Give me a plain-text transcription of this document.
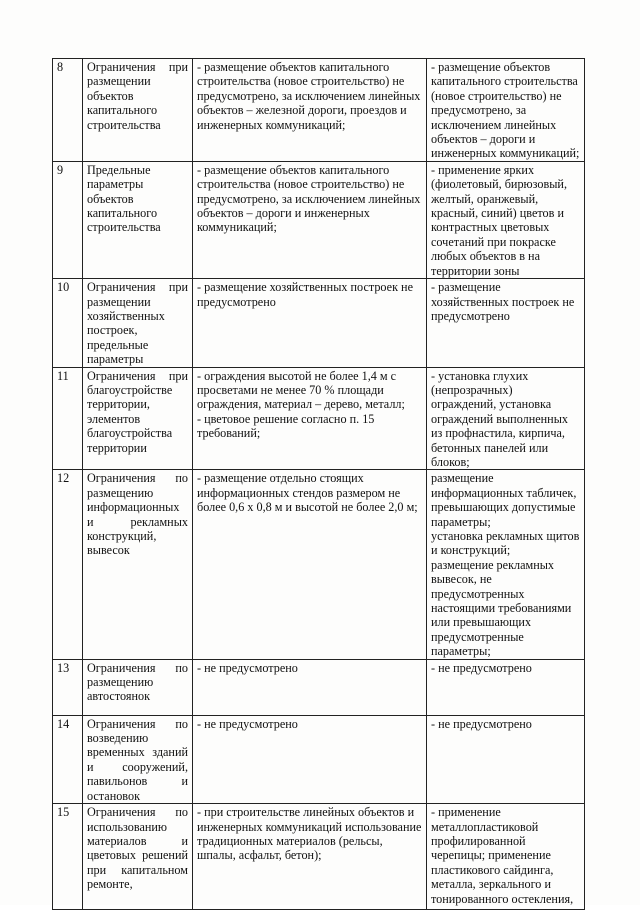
8	Ограничения при размещении объектов капитального строительства	- размещение объектов капитального строительства (новое строительство) не предусмотрено, за исключением линейных объектов – железной дороги, проездов и инженерных коммуникаций;	- размещение объектов капитального строительства (новое строительство) не предусмотрено, за исключением линейных объектов – дороги и инженерных коммуникаций;
9	Предельные параметры объектов капитального строительства	- размещение объектов капитального строительства (новое строительство) не предусмотрено, за исключением линейных объектов – дороги и инженерных коммуникаций;	- применение ярких (фиолетовый, бирюзовый, желтый, оранжевый, красный, синий) цветов и контрастных цветовых сочетаний при покраске любых объектов в на территории зоны
10	Ограничения при размещении хозяйственных построек, предельные параметры	- размещение хозяйственных построек не предусмотрено	- размещение хозяйственных построек не предусмотрено
11	Ограничения при благоустройстве территории, элементов благоустройства территории	- ограждения высотой не более 1,4 м с просветами не менее 70 % площади ограждения, материал – дерево, металл;
- цветовое решение согласно п. 15 требований;	- установка глухих (непрозрачных) ограждений, установка ограждений выполненных из профнастила, кирпича, бетонных панелей или блоков;
12	Ограничения по размещению информационных и рекламных конструкций, вывесок	- размещение отдельно стоящих информационных стендов размером не более 0,6 х 0,8 м и высотой не более 2,0 м;	размещение информационных табличек, превышающих допустимые параметры;
установка рекламных щитов и конструкций;
размещение рекламных вывесок, не предусмотренных настоящими требованиями или превышающих предусмотренные параметры;
13	Ограничения по размещению автостоянок	- не предусмотрено	- не предусмотрено
14	Ограничения по возведению временных зданий и сооружений, павильонов и остановок	- не предусмотрено	- не предусмотрено
15	Ограничения по использованию материалов и цветовых решений при капитальном ремонте,	- при строительстве линейных объектов и инженерных коммуникаций использование традиционных материалов (рельсы, шпалы, асфальт, бетон);	- применение металлопластиковой профилированной черепицы; применение пластикового сайдинга, металла, зеркального и тонированного остекления,
